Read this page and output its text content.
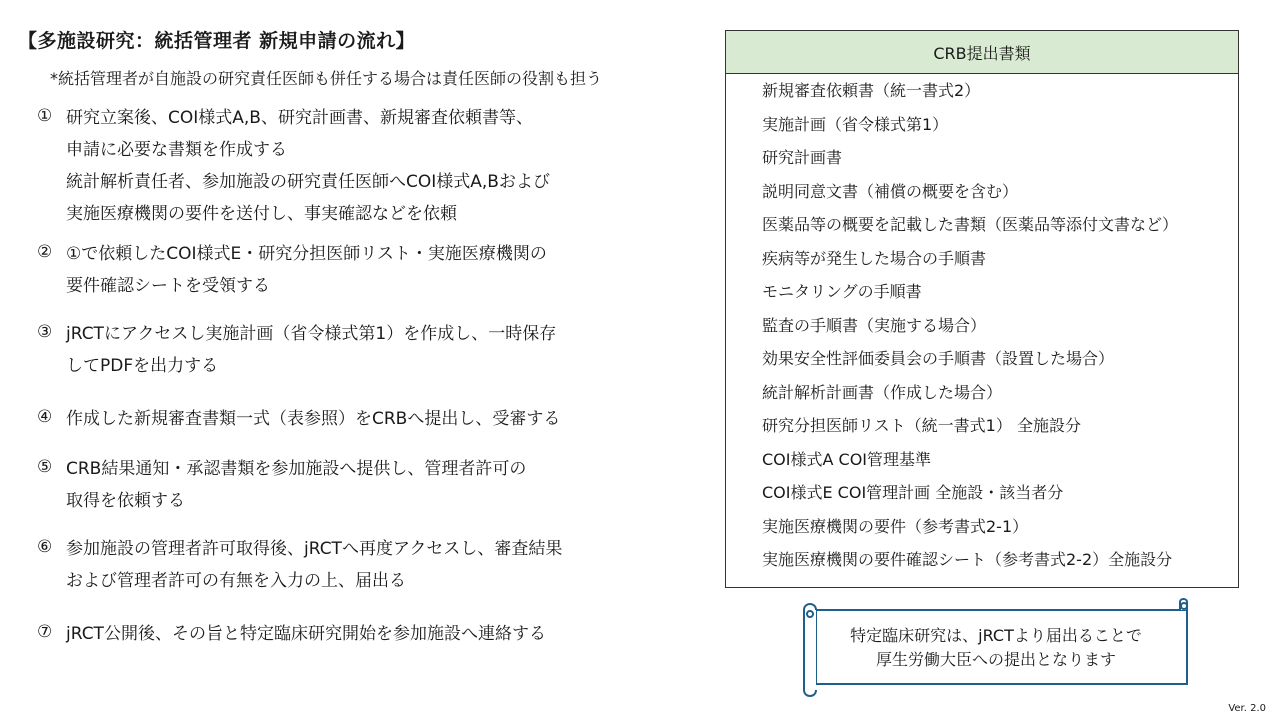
【多施設研究：統括管理者 新規申請の流れ】
*統括管理者が自施設の研究責任医師も併任する場合は責任医師の役割も担う
① 研究立案後、COI様式A,B、研究計画書、新規審査依頼書等、
申請に必要な書類を作成する
統計解析責任者、参加施設の研究責任医師へCOI様式A,Bおよび
実施医療機関の要件を送付し、事実確認などを依頼
② ①で依頼したCOI様式E・研究分担医師リスト・実施医療機関の
要件確認シートを受領する
③ jRCTにアクセスし実施計画（省令様式第1）を作成し、一時保存
してPDFを出力する
④ 作成した新規審査書類一式（表参照）をCRBへ提出し、受審する
⑤ CRB結果通知・承認書類を参加施設へ提供し、管理者許可の
取得を依頼する
⑥ 参加施設の管理者許可取得後、jRCTへ再度アクセスし、審査結果
および管理者許可の有無を入力の上、届出る
⑦ jRCT公開後、その旨と特定臨床研究開始を参加施設へ連絡する
CRB提出書類
新規審査依頼書（統一書式2）
実施計画（省令様式第1）
研究計画書
説明同意文書（補償の概要を含む）
医薬品等の概要を記載した書類（医薬品等添付文書など）
疾病等が発生した場合の手順書
モニタリングの手順書
監査の手順書（実施する場合）
効果安全性評価委員会の手順書（設置した場合）
統計解析計画書（作成した場合）
研究分担医師リスト（統一書式1） 全施設分
COI様式A COI管理基準
COI様式E COI管理計画 全施設・該当者分
実施医療機関の要件（参考書式2-1）
実施医療機関の要件確認シート（参考書式2-2）全施設分
特定臨床研究は、jRCTより届出ることで
厚生労働大臣への提出となります
Ver. 2.0
